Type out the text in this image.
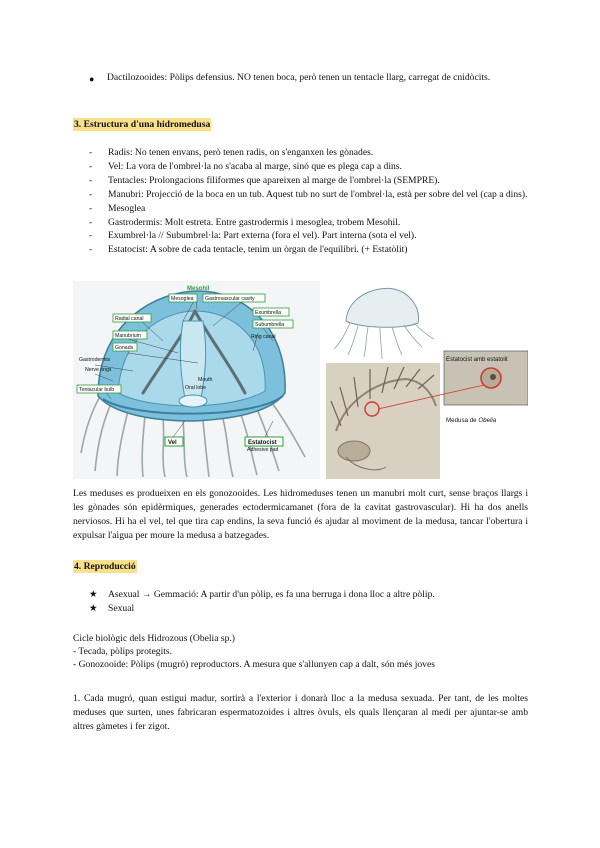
● Dactilozooides: Pòlips defensius. NO tenen boca, però tenen un tentacle llarg, carregat de cnidòcits.
3. Estructura d'una hidromedusa
- Radis: No tenen envans, però tenen radis, on s'enganxen les gònades.
- Vel: La vora de l'ombrel·la no s'acaba al marge, sinó que es plega cap a dins.
- Tentacles: Prolongacions filiformes que apareixen al marge de l'ombrel·la (SEMPRE).
- Manubri: Projecció de la boca en un tub. Aquest tub no surt de l'ombrel·la, està per sobre del vel (cap a dins).
- Mesoglea
- Gastrodermis: Molt estreta. Entre gastrodermis i mesoglea, trobem Mesohil.
- Exumbrel·la // Subumbrel·la: Part externa (fora el vel). Part interna (sota el vel).
- Estatocist: A sobre de cada tentacle, tenim un òrgan de l'equilibri. (+ Estatòlit)
Mesohil
Mesoglea Gastrovascular cavity
Exumbrella
Subumbrella
Ring canal
Radial canal
Manubrium
Gonads
Gastrodermis
Nerve rings
Tentacular bulb
Mouth
Oral lobe
Adhesive pad
Vel	Estatocist
Estatocist amb estatolit
Medusa de Obelia
Les meduses es produeixen en els gonozooides. Les hidromeduses tenen un manubri molt curt, sense braços llargs i les gònades són epidèrmiques, generades ectodermicamanet (fora de la cavitat gastrovascular). Hi ha dos anells nerviosos. Hi ha el vel, tel que tira cap endins, la seva funció és ajudar al moviment de la medusa, tancar l'obertura i expulsar l'aigua per moure la medusa a batzegades.
4. Reproducció
★ Asexual → Gemmació: A partir d'un pòlip, es fa una berruga i dona lloc a altre pòlip.
★ Sexual
Cicle biològic dels Hidrozous (Obelia sp.)
- Tecada, pòlips protegits.
- Gonozooide: Pòlips (mugró) reproductors. A mesura que s'allunyen cap a dalt, són més joves
1. Cada mugró, quan estigui madur, sortirà a l'exterior i donarà lloc a la medusa sexuada. Per tant, de les moltes meduses que surten, unes fabricaran espermatozoides i altres òvuls, els quals llençaran al medi per ajuntar-se amb altres gàmetes i fer zigot.
